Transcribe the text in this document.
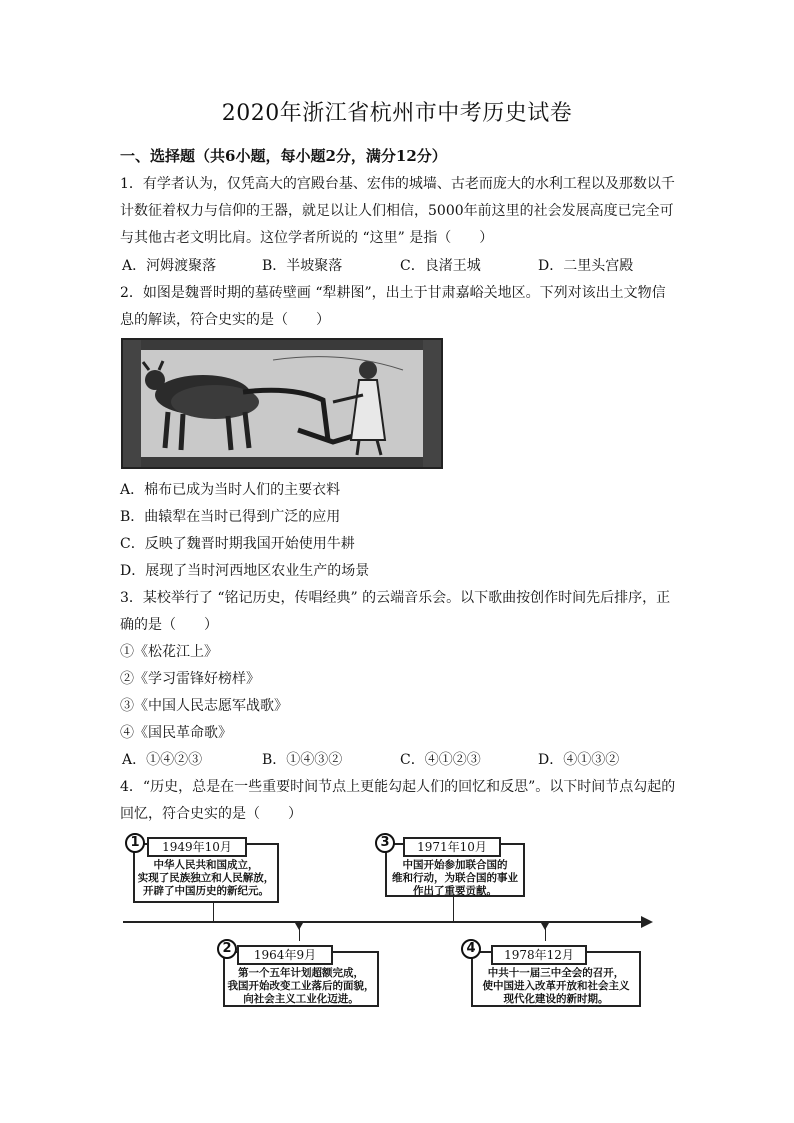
2020年浙江省杭州市中考历史试卷
一、选择题（共6小题，每小题2分，满分12分）
1．有学者认为，仅凭高大的宫殿台基、宏伟的城墙、古老而庞大的水利工程以及那数以千
计数征着权力与信仰的王器，就足以让人们相信，5000年前这里的社会发展高度已完全可
与其他古老文明比肩。这位学者所说的 “这里” 是指（　　）
A．河姆渡聚落	B．半坡聚落	C．良渚王城	D．二里头宫殿
2．如图是魏晋时期的墓砖壁画 “犁耕图”，出土于甘肃嘉峪关地区。下列对该出土文物信
息的解读，符合史实的是（　　）
A．棉布已成为当时人们的主要衣料
B．曲辕犁在当时已得到广泛的应用
C．反映了魏晋时期我国开始使用牛耕
D．展现了当时河西地区农业生产的场景
3．某校举行了 “铭记历史，传唱经典” 的云端音乐会。以下歌曲按创作时间先后排序，正
确的是（　　）
①《松花江上》
②《学习雷锋好榜样》
③《中国人民志愿军战歌》
④《国民革命歌》
A．①④②③	B．①④③②	C．④①②③	D．④①③②
4．“历史，总是在一些重要时间节点上更能勾起人们的回忆和反思”。以下时间节点勾起的
回忆，符合史实的是（　　）
中华人民共和国成立，
实现了民族独立和人民解放，
开辟了中国历史的新纪元。
1949年10月
1
中国开始参加联合国的
维和行动，为联合国的事业
作出了重要贡献。
1971年10月
3
第一个五年计划超额完成，
我国开始改变工业落后的面貌，
向社会主义工业化迈进。
1964年9月
2
中共十一届三中全会的召开，
使中国进入改革开放和社会主义
现代化建设的新时期。
1978年12月
4
